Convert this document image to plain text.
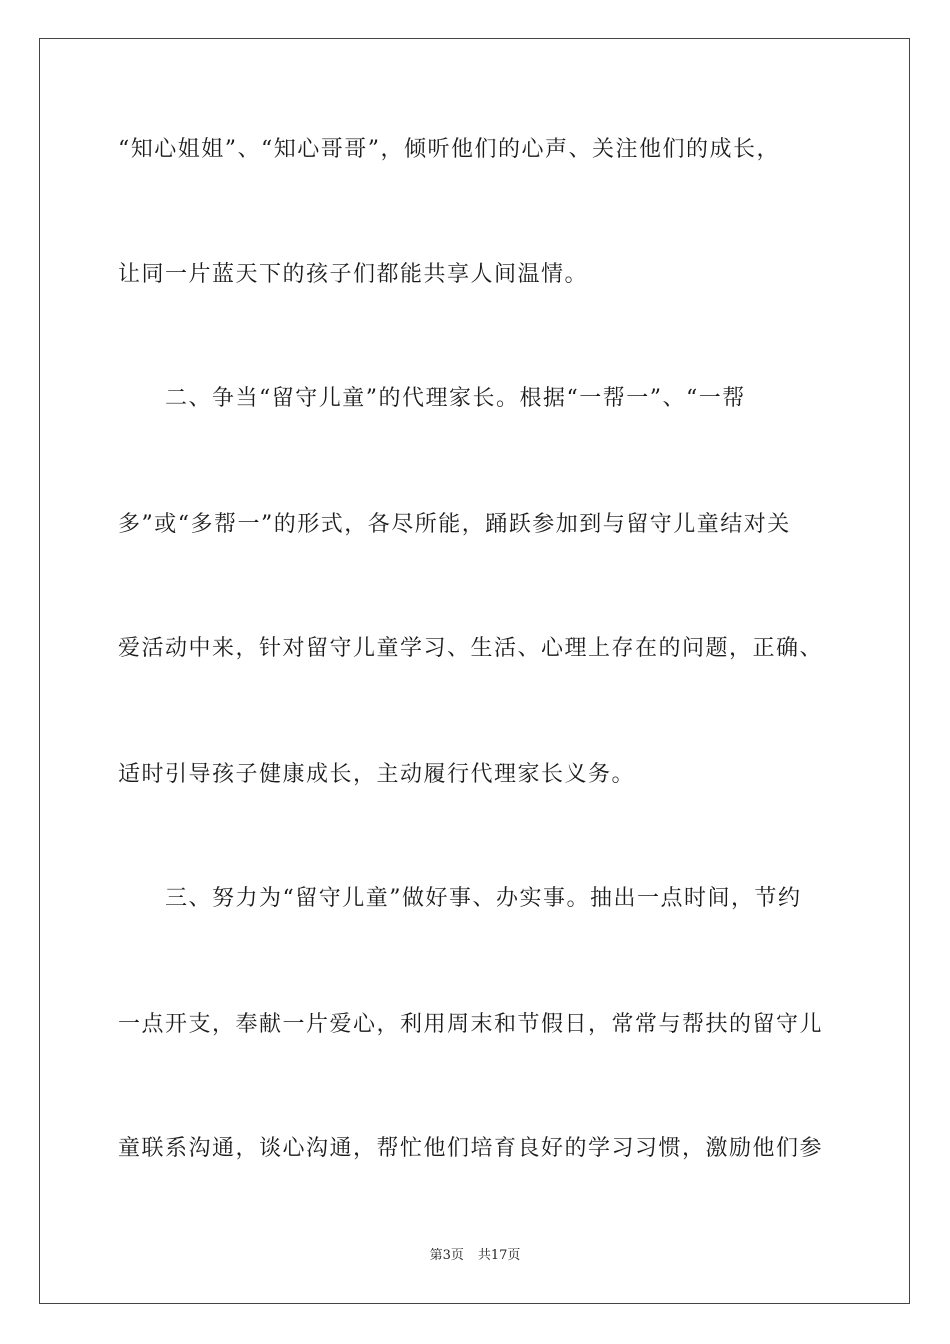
“知心姐姐”、“知心哥哥”，倾听他们的心声、关注他们的成长，
让同一片蓝天下的孩子们都能共享人间温情。
　　二、争当“留守儿童”的代理家长。根据“一帮一”、“一帮
多”或“多帮一”的形式，各尽所能，踊跃参加到与留守儿童结对关
爱活动中来，针对留守儿童学习、生活、心理上存在的问题，正确、
适时引导孩子健康成长，主动履行代理家长义务。
　　三、努力为“留守儿童”做好事、办实事。抽出一点时间，节约
一点开支，奉献一片爱心，利用周末和节假日，常常与帮扶的留守儿
童联系沟通，谈心沟通，帮忙他们培育良好的学习习惯，激励他们参
第3页 共17页
